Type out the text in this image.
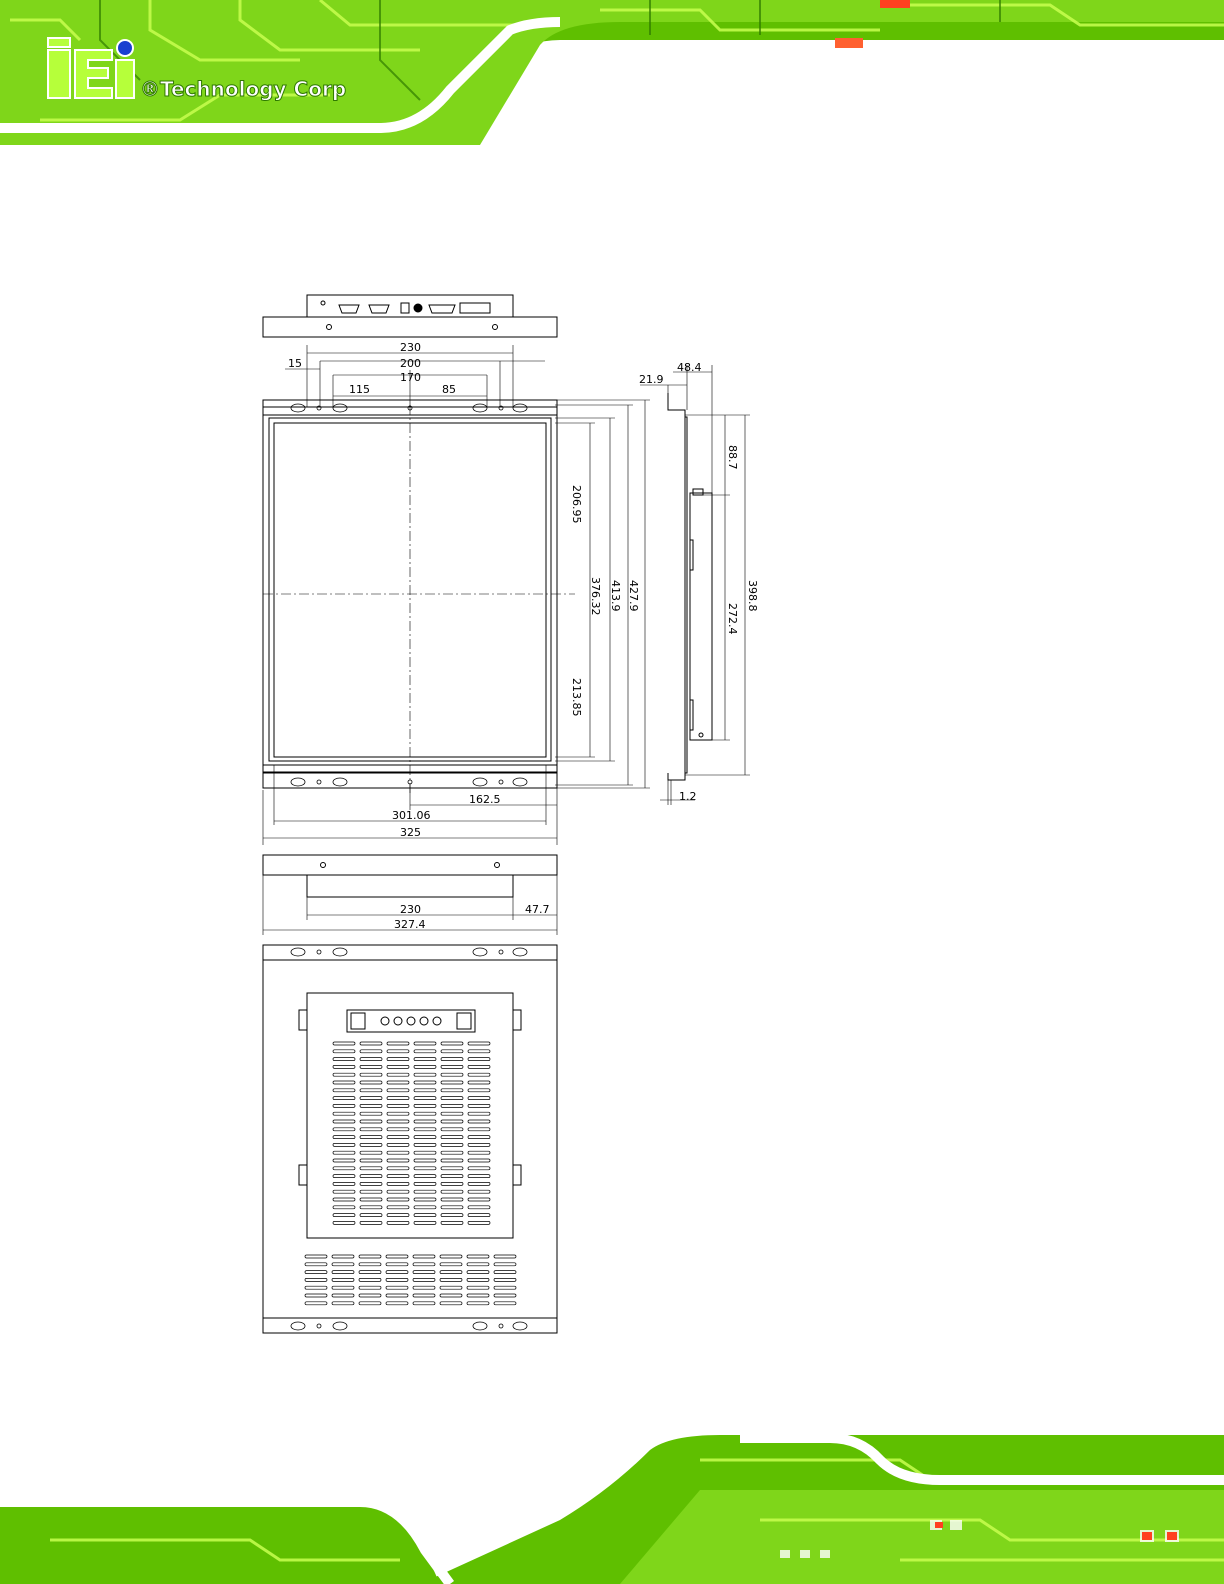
®Technology Corp
230
15	200
170
115	85
206.95
213.85
376.32 413.9 427.9
162.5
301.06
325
48.4
21.9
88.7
398.8
272.4
1.2
230	47.7
327.4
